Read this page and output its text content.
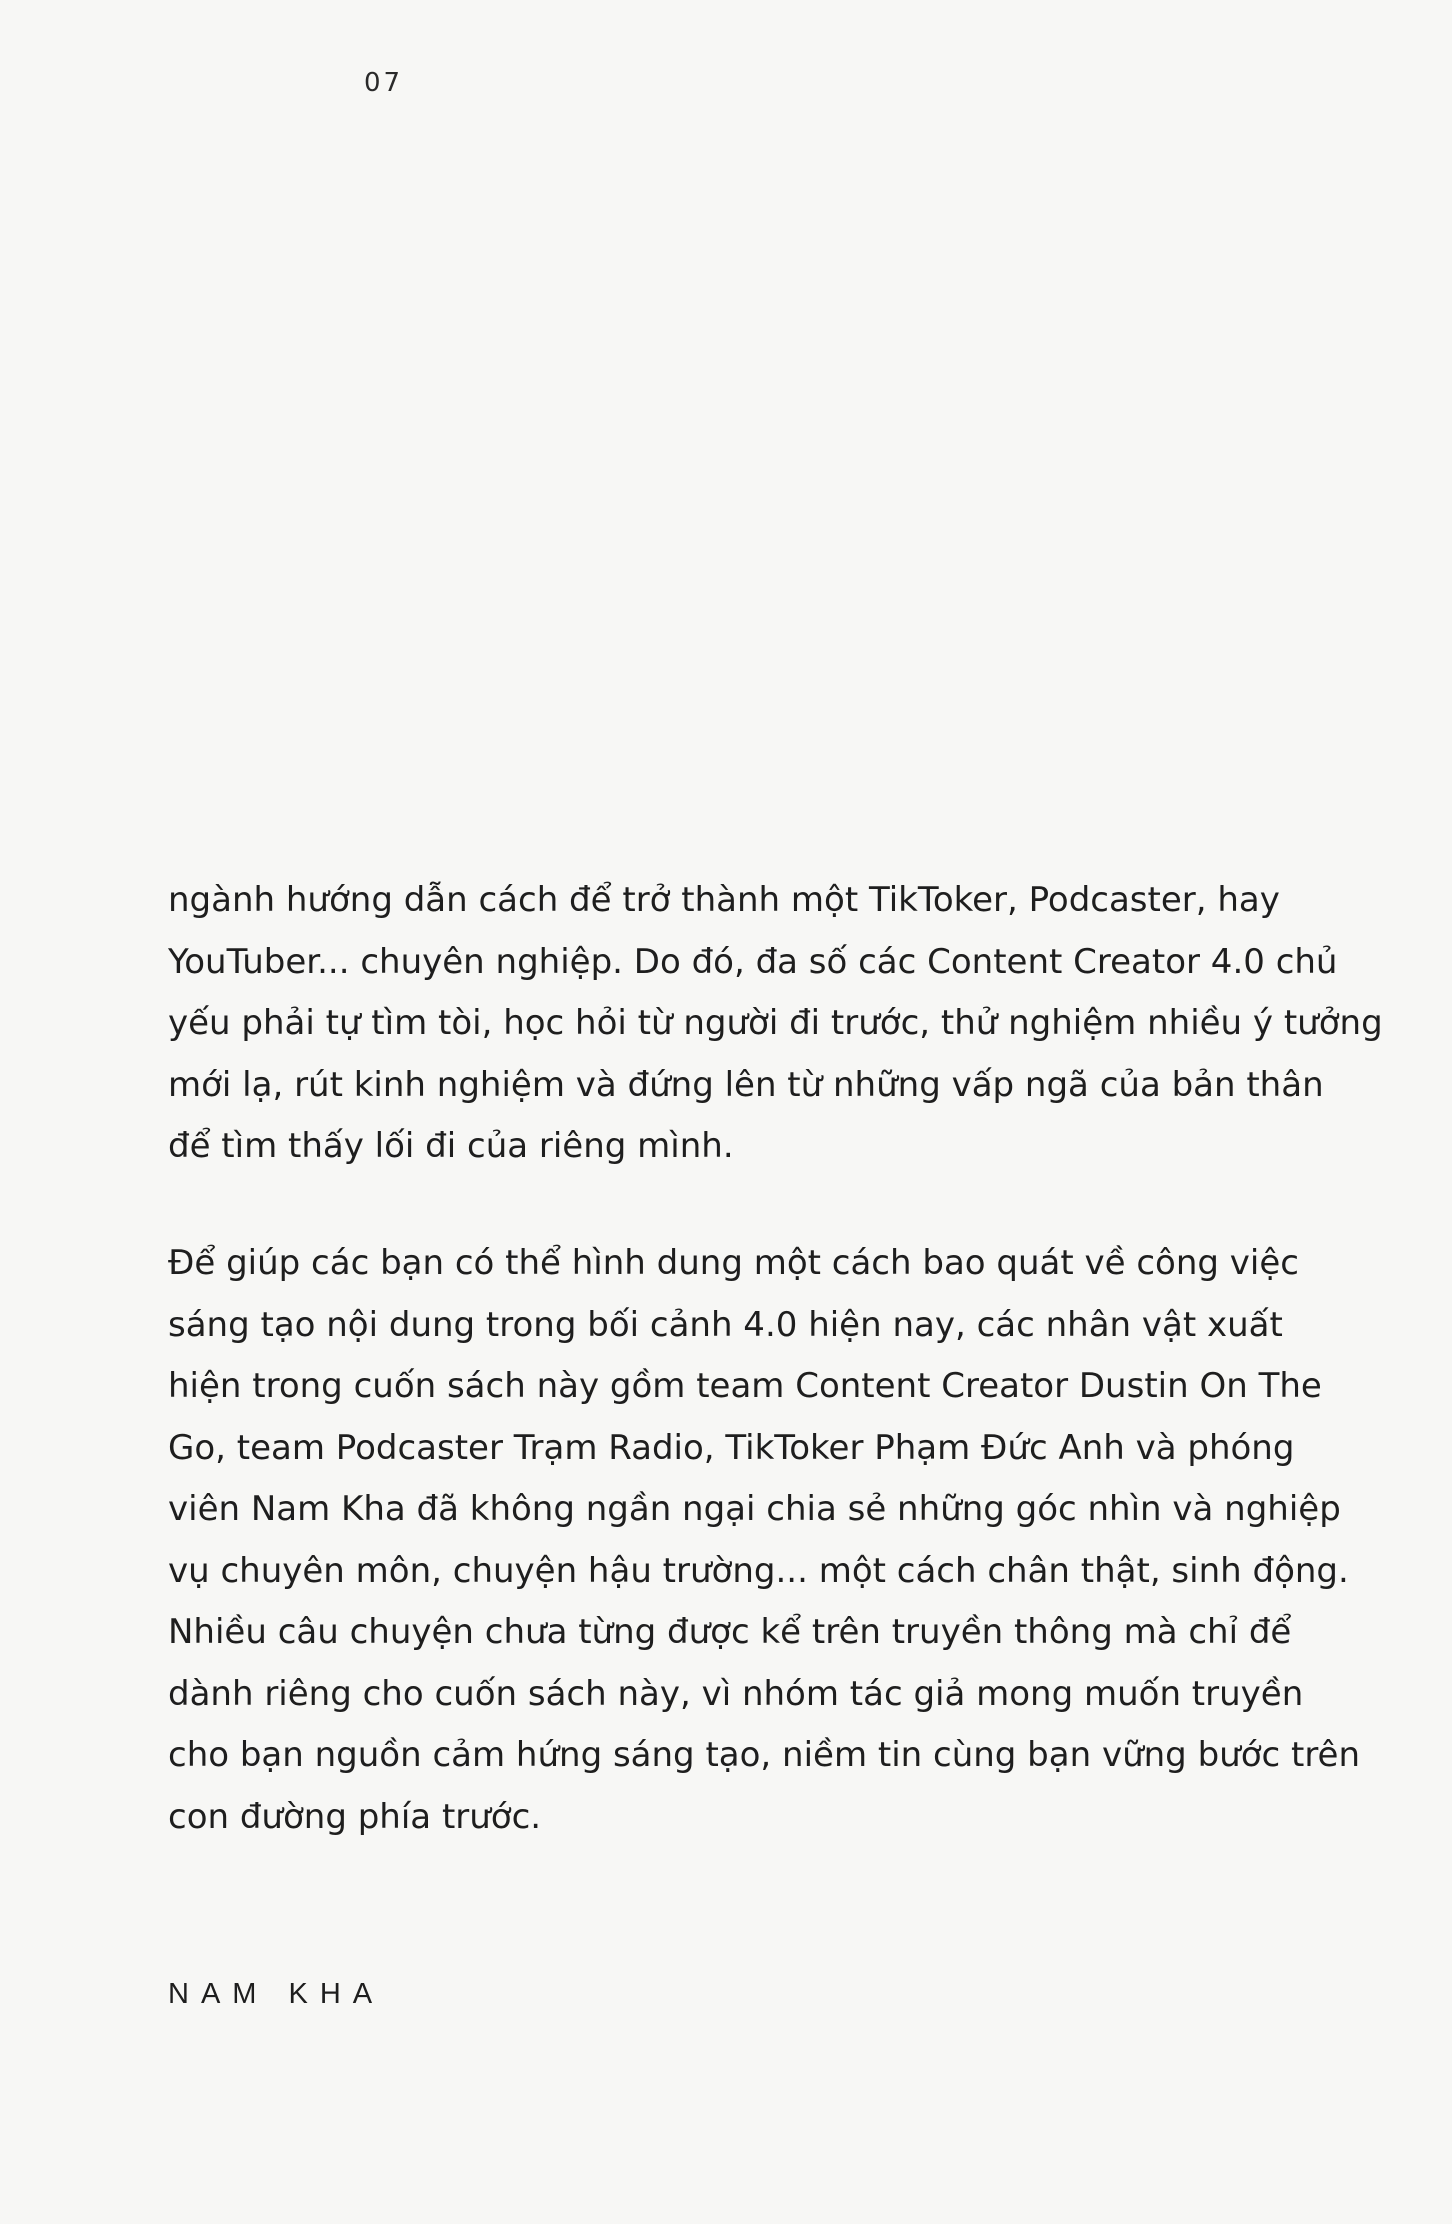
07

ngành hướng dẫn cách để trở thành một TikToker, Podcaster, hay
YouTuber... chuyên nghiệp. Do đó, đa số các Content Creator 4.0 chủ
yếu phải tự tìm tòi, học hỏi từ người đi trước, thử nghiệm nhiều ý tưởng
mới lạ, rút kinh nghiệm và đứng lên từ những vấp ngã của bản thân
để tìm thấy lối đi của riêng mình.

Để giúp các bạn có thể hình dung một cách bao quát về công việc
sáng tạo nội dung trong bối cảnh 4.0 hiện nay, các nhân vật xuất
hiện trong cuốn sách này gồm team Content Creator Dustin On The
Go, team Podcaster Trạm Radio, TikToker Phạm Đức Anh và phóng
viên Nam Kha đã không ngần ngại chia sẻ những góc nhìn và nghiệp
vụ chuyên môn, chuyện hậu trường... một cách chân thật, sinh động.
Nhiều câu chuyện chưa từng được kể trên truyền thông mà chỉ để
dành riêng cho cuốn sách này, vì nhóm tác giả mong muốn truyền
cho bạn nguồn cảm hứng sáng tạo, niềm tin cùng bạn vững bước trên
con đường phía trước.

NAM KHA
